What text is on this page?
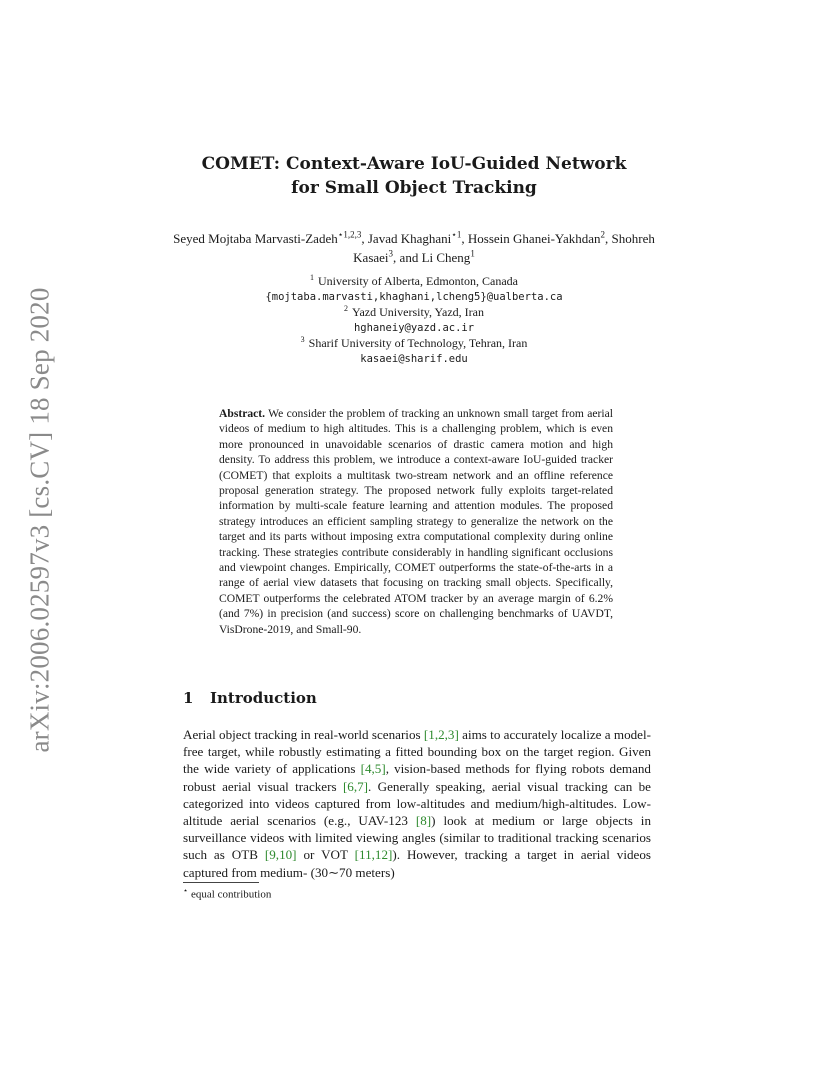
arXiv:2006.02597v3 [cs.CV] 18 Sep 2020
COMET: Context-Aware IoU-Guided Network
for Small Object Tracking
Seyed Mojtaba Marvasti-Zadeh$^{⋆1,2,3}$, Javad Khaghani$^{⋆1}$, Hossein Ghanei-Yakhdan$^2$, Shohreh Kasaei$^3$, and Li Cheng$^1$
$^1$ University of Alberta, Edmonton, Canada
{mojtaba.marvasti,khaghani,lcheng5}@ualberta.ca
$^2$ Yazd University, Yazd, Iran
hghaneiy@yazd.ac.ir
$^3$ Sharif University of Technology, Tehran, Iran
kasaei@sharif.edu

Abstract. We consider the problem of tracking an unknown small target from aerial videos of medium to high altitudes. This is a challenging problem, which is even more pronounced in unavoidable scenarios of drastic camera motion and high density. To address this problem, we introduce a context-aware IoU-guided tracker (COMET) that exploits a multitask two-stream network and an offline reference proposal generation strategy. The proposed network fully exploits target-related information by multi-scale feature learning and attention modules. The proposed strategy introduces an efficient sampling strategy to generalize the network on the target and its parts without imposing extra computational complexity during online tracking. These strategies contribute considerably in handling significant occlusions and viewpoint changes. Empirically, COMET outperforms the state-of-the-arts in a range of aerial view datasets that focusing on tracking small objects. Specifically, COMET outperforms the celebrated ATOM tracker by an average margin of 6.2% (and 7%) in precision (and success) score on challenging benchmarks of UAVDT, VisDrone-2019, and Small-90.

1 Introduction

Aerial object tracking in real-world scenarios [1,2,3] aims to accurately localize a model-free target, while robustly estimating a fitted bounding box on the target region. Given the wide variety of applications [4,5], vision-based methods for flying robots demand robust aerial visual trackers [6,7]. Generally speaking, aerial visual tracking can be categorized into videos captured from low-altitudes and medium/high-altitudes. Low-altitude aerial scenarios (e.g., UAV-123 [8]) look at medium or large objects in surveillance videos with limited viewing angles (similar to traditional tracking scenarios such as OTB [9,10] or VOT [11,12]). However, tracking a target in aerial videos captured from medium- (30∼70 meters)

⋆ equal contribution
